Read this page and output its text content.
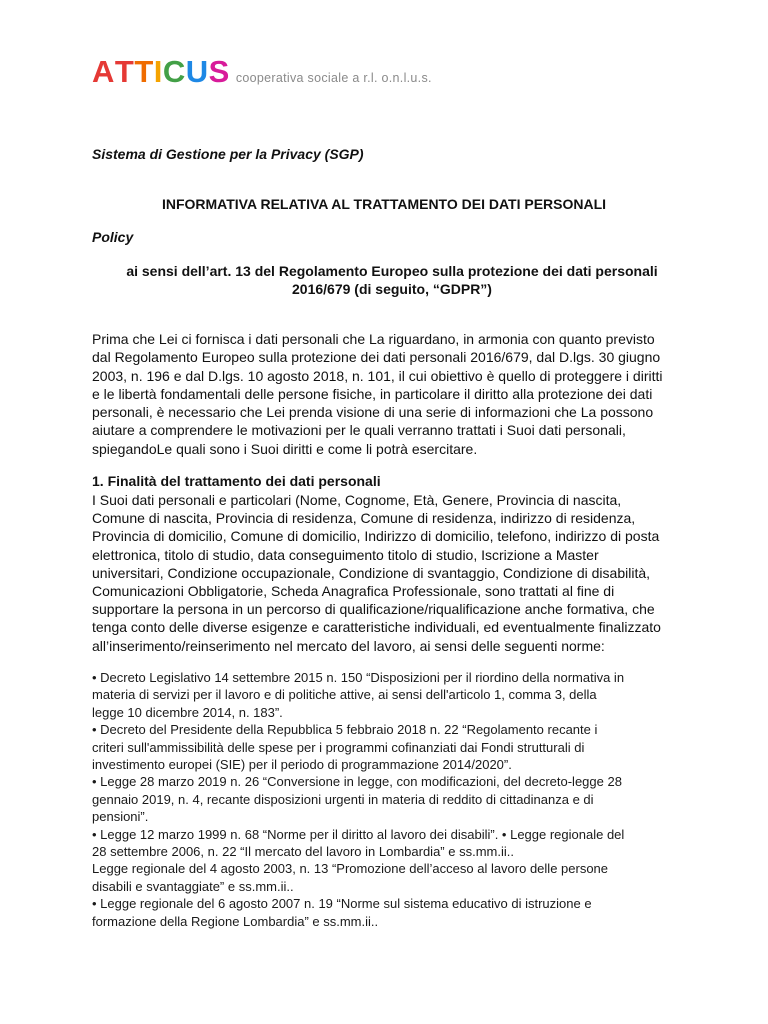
ATTICUS cooperativa sociale a r.l. o.n.l.u.s.
Sistema di Gestione per la Privacy (SGP)
INFORMATIVA RELATIVA AL TRATTAMENTO DEI DATI PERSONALI
Policy
ai sensi dell’art. 13 del Regolamento Europeo sulla protezione dei dati personali
2016/679 (di seguito, “GDPR”)
Prima che Lei ci fornisca i dati personali che La riguardano, in armonia con quanto previsto
dal Regolamento Europeo sulla protezione dei dati personali 2016/679, dal D.lgs. 30 giugno
2003, n. 196 e dal D.lgs. 10 agosto 2018, n. 101, il cui obiettivo è quello di proteggere i diritti
e le libertà fondamentali delle persone fisiche, in particolare il diritto alla protezione dei dati
personali, è necessario che Lei prenda visione di una serie di informazioni che La possono
aiutare a comprendere le motivazioni per le quali verranno trattati i Suoi dati personali,
spiegandoLe quali sono i Suoi diritti e come li potrà esercitare.
1. Finalità del trattamento dei dati personali
I Suoi dati personali e particolari (Nome, Cognome, Età, Genere, Provincia di nascita,
Comune di nascita, Provincia di residenza, Comune di residenza, indirizzo di residenza,
Provincia di domicilio, Comune di domicilio, Indirizzo di domicilio, telefono, indirizzo di posta
elettronica, titolo di studio, data conseguimento titolo di studio, Iscrizione a Master
universitari, Condizione occupazionale, Condizione di svantaggio, Condizione di disabilità,
Comunicazioni Obbligatorie, Scheda Anagrafica Professionale, sono trattati al fine di
supportare la persona in un percorso di qualificazione/riqualificazione anche formativa, che
tenga conto delle diverse esigenze e caratteristiche individuali, ed eventualmente finalizzato
all’inserimento/reinserimento nel mercato del lavoro, ai sensi delle seguenti norme:
• Decreto Legislativo 14 settembre 2015 n. 150 “Disposizioni per il riordino della normativa in
materia di servizi per il lavoro e di politiche attive, ai sensi dell'articolo 1, comma 3, della
legge 10 dicembre 2014, n. 183”.
• Decreto del Presidente della Repubblica 5 febbraio 2018 n. 22 “Regolamento recante i
criteri sull'ammissibilità delle spese per i programmi cofinanziati dai Fondi strutturali di
investimento europei (SIE) per il periodo di programmazione 2014/2020”.
• Legge 28 marzo 2019 n. 26 “Conversione in legge, con modificazioni, del decreto-legge 28
gennaio 2019, n. 4, recante disposizioni urgenti in materia di reddito di cittadinanza e di
pensioni”.
• Legge 12 marzo 1999 n. 68 “Norme per il diritto al lavoro dei disabili”. • Legge regionale del
28 settembre 2006, n. 22 “Il mercato del lavoro in Lombardia” e ss.mm.ii..
Legge regionale del 4 agosto 2003, n. 13 “Promozione dell’acceso al lavoro delle persone
disabili e svantaggiate” e ss.mm.ii..
• Legge regionale del 6 agosto 2007 n. 19 “Norme sul sistema educativo di istruzione e
formazione della Regione Lombardia” e ss.mm.ii..
